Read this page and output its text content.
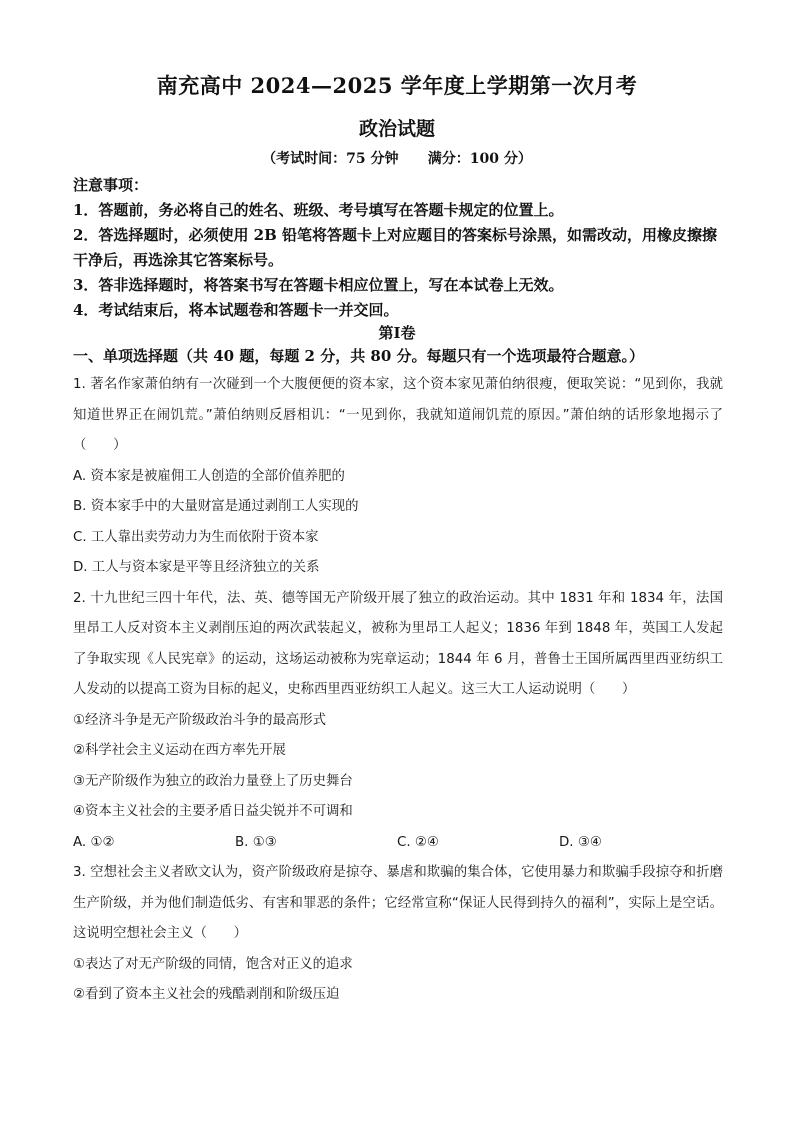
南充高中 2024—2025 学年度上学期第一次月考
政治试题
（考试时间：75 分钟 满分：100 分）

注意事项：

1．答题前，务必将自己的姓名、班级、考号填写在答题卡规定的位置上。

2．答选择题时，必须使用 2B 铅笔将答题卡上对应题目的答案标号涂黑，如需改动，用橡皮擦擦干净后，再选涂其它答案标号。

3．答非选择题时，将答案书写在答题卡相应位置上，写在本试卷上无效。

4．考试结束后，将本试题卷和答题卡一并交回。

第Ⅰ卷
一、单项选择题（共 40 题，每题 2 分，共 80 分。每题只有一个选项最符合题意。）

1. 著名作家萧伯纳有一次碰到一个大腹便便的资本家，这个资本家见萧伯纳很瘦，便取笑说：“见到你，我就知道世界正在闹饥荒。”萧伯纳则反唇相讥：“一见到你，我就知道闹饥荒的原因。”萧伯纳的话形象地揭示了（　　）

A. 资本家是被雇佣工人创造的全部价值养肥的

B. 资本家手中的大量财富是通过剥削工人实现的

C. 工人靠出卖劳动力为生而依附于资本家

D. 工人与资本家是平等且经济独立的关系

2. 十九世纪三四十年代，法、英、德等国无产阶级开展了独立的政治运动。其中 1831 年和 1834 年，法国里昂工人反对资本主义剥削压迫的两次武装起义，被称为里昂工人起义；1836 年到 1848 年，英国工人发起了争取实现《人民宪章》的运动，这场运动被称为宪章运动；1844 年 6 月，普鲁士王国所属西里西亚纺织工人发动的以提高工资为目标的起义，史称西里西亚纺织工人起义。这三大工人运动说明（　　）

①经济斗争是无产阶级政治斗争的最高形式

②科学社会主义运动在西方率先开展

③无产阶级作为独立的政治力量登上了历史舞台

④资本主义社会的主要矛盾日益尖锐并不可调和

A. ①②	B. ①③	C. ②④	D. ③④

3. 空想社会主义者欧文认为，资产阶级政府是掠夺、暴虐和欺骗的集合体，它使用暴力和欺骗手段掠夺和折磨生产阶级，并为他们制造低劣、有害和罪恶的条件；它经常宣称“保证人民得到持久的福利”，实际上是空话。这说明空想社会主义（　　）

①表达了对无产阶级的同情，饱含对正义的追求

②看到了资本主义社会的残酷剥削和阶级压迫
